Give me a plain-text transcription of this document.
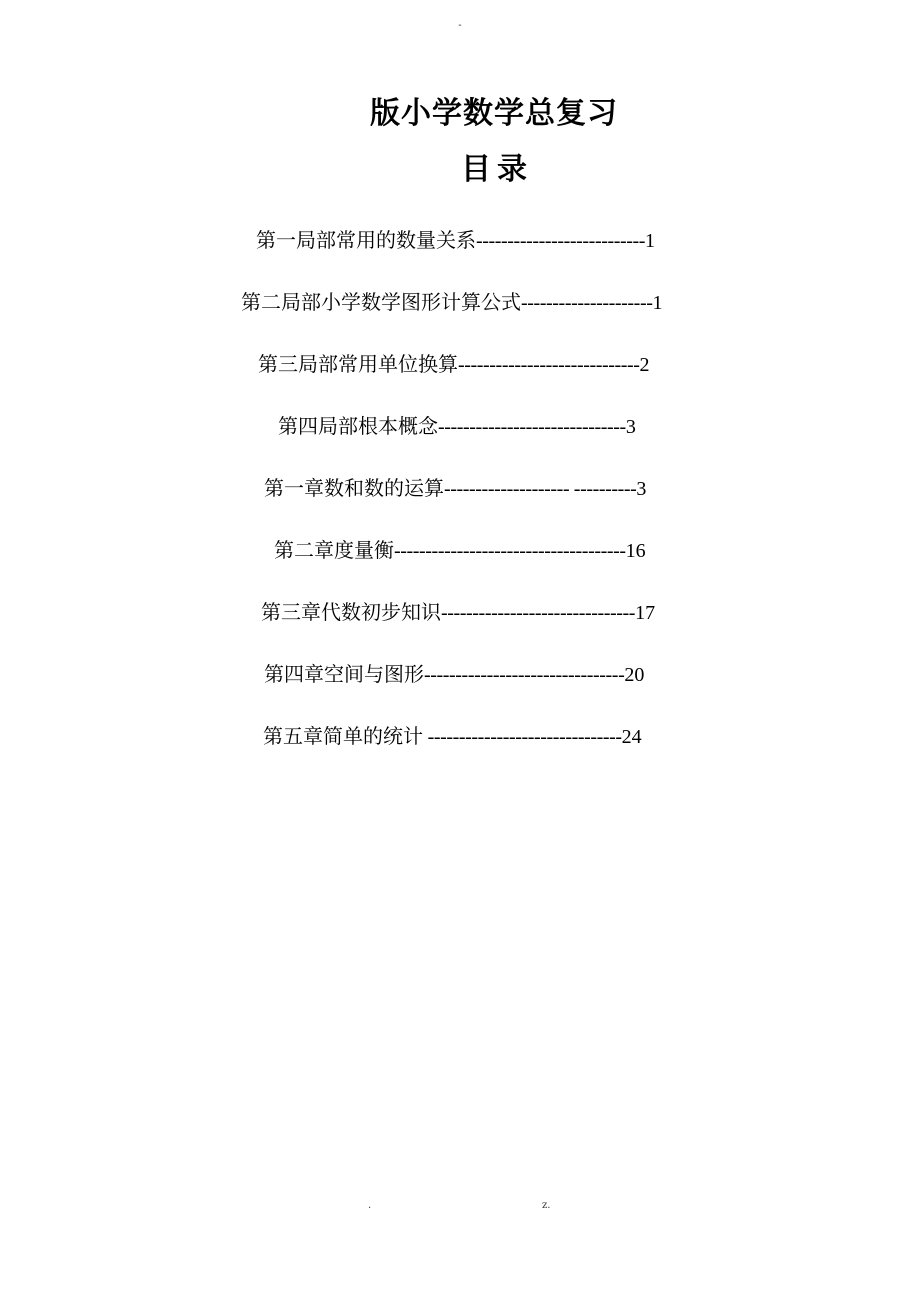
-
版小学数学总复习
目录
第一局部常用的数量关系---------------------------1
第二局部小学数学图形计算公式---------------------1
第三局部常用单位换算-----------------------------2
第四局部根本概念------------------------------3
第一章数和数的运算-------------------- ----------3
第二章度量衡-------------------------------------16
第三章代数初步知识-------------------------------17
第四章空间与图形--------------------------------20
第五章简单的统计 -------------------------------24
.	z.
